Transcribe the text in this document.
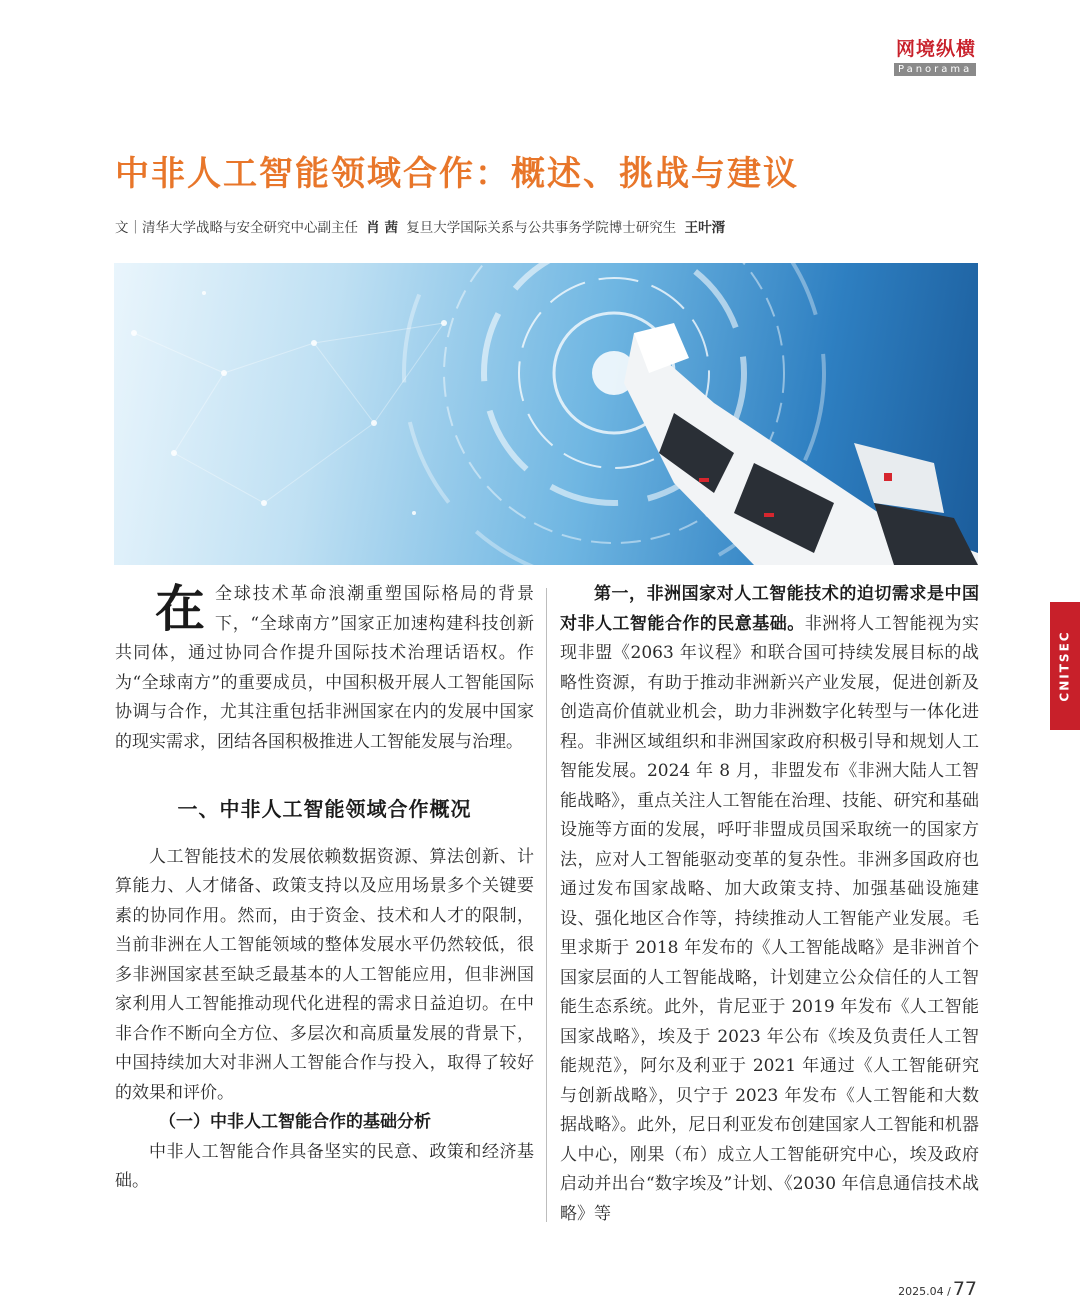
网境纵横
Panorama
中非人工智能领域合作：概述、挑战与建议
文｜清华大学战略与安全研究中心副主任 肖 茜 复旦大学国际关系与公共事务学院博士研究生 王叶湑

在全球技术革命浪潮重塑国际格局的背景下，“全球南方”国家正加速构建科技创新共同体，通过协同合作提升国际技术治理话语权。作为“全球南方”的重要成员，中国积极开展人工智能国际协调与合作，尤其注重包括非洲国家在内的发展中国家的现实需求，团结各国积极推进人工智能发展与治理。

一、中非人工智能领域合作概况

人工智能技术的发展依赖数据资源、算法创新、计算能力、人才储备、政策支持以及应用场景多个关键要素的协同作用。然而，由于资金、技术和人才的限制，当前非洲在人工智能领域的整体发展水平仍然较低，很多非洲国家甚至缺乏最基本的人工智能应用，但非洲国家利用人工智能推动现代化进程的需求日益迫切。在中非合作不断向全方位、多层次和高质量发展的背景下，中国持续加大对非洲人工智能合作与投入，取得了较好的效果和评价。

（一）中非人工智能合作的基础分析

中非人工智能合作具备坚实的民意、政策和经济基础。

第一，非洲国家对人工智能技术的迫切需求是中国对非人工智能合作的民意基础。非洲将人工智能视为实现非盟《2063 年议程》和联合国可持续发展目标的战略性资源，有助于推动非洲新兴产业发展，促进创新及创造高价值就业机会，助力非洲数字化转型与一体化进程。非洲区域组织和非洲国家政府积极引导和规划人工智能发展。2024 年 8 月，非盟发布《非洲大陆人工智能战略》，重点关注人工智能在治理、技能、研究和基础设施等方面的发展，呼吁非盟成员国采取统一的国家方法，应对人工智能驱动变革的复杂性。非洲多国政府也通过发布国家战略、加大政策支持、加强基础设施建设、强化地区合作等，持续推动人工智能产业发展。毛里求斯于 2018 年发布的《人工智能战略》是非洲首个国家层面的人工智能战略，计划建立公众信任的人工智能生态系统。此外，肯尼亚于 2019 年发布《人工智能国家战略》，埃及于 2023 年公布《埃及负责任人工智能规范》，阿尔及利亚于 2021 年通过《人工智能研究与创新战略》，贝宁于 2023 年发布《人工智能和大数据战略》。此外，尼日利亚发布创建国家人工智能和机器人中心，刚果（布）成立人工智能研究中心，埃及政府启动并出台“数字埃及”计划、《2030 年信息通信技术战略》等

CNITSEC
2025.04 / 77
